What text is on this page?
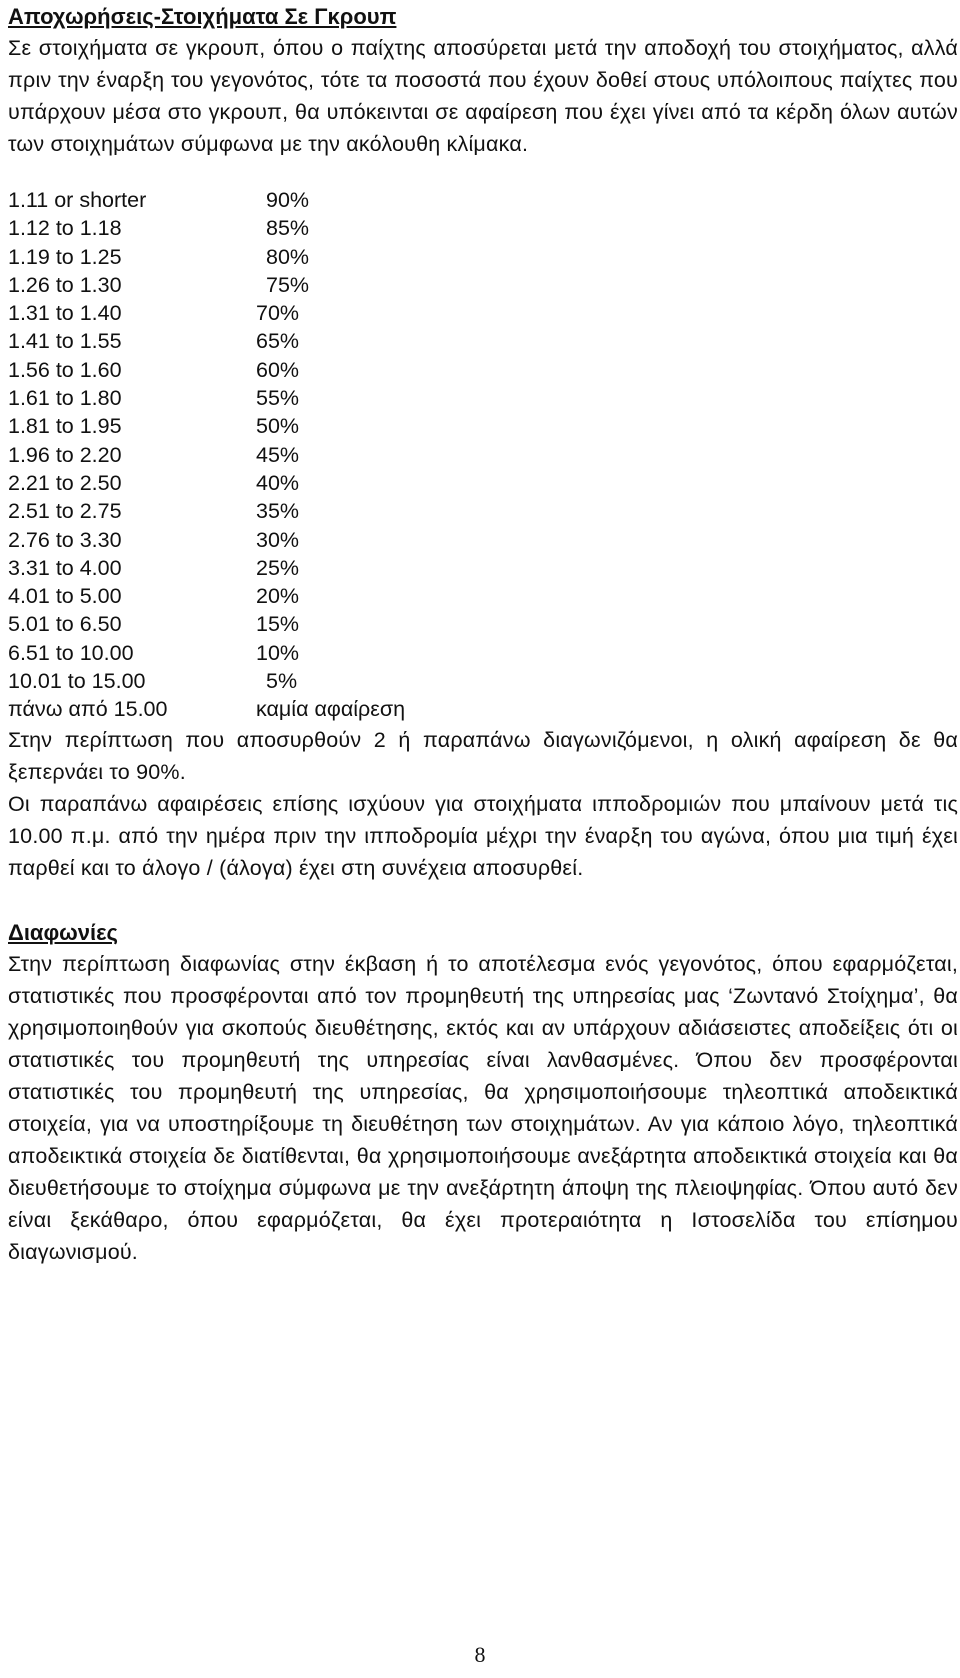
Αποχωρήσεις-Στοιχήματα Σε Γκρουπ

Σε στοιχήματα σε γκρουπ, όπου ο παίχτης αποσύρεται μετά την αποδοχή του στοιχήματος, αλλά πριν την έναρξη του γεγονότος, τότε τα ποσοστά που έχουν δοθεί στους υπόλοιπους παίχτες που υπάρχουν μέσα στο γκρουπ, θα υπόκεινται σε αφαίρεση που έχει γίνει από τα κέρδη όλων αυτών των στοιχημάτων σύμφωνα με την ακόλουθη κλίμακα.

1.11 or shorter	90%
1.12 to 1.18	85%
1.19 to 1.25	80%
1.26 to 1.30	75%
1.31 to 1.40	70%
1.41 to 1.55	65%
1.56 to 1.60	60%
1.61 to 1.80	55%
1.81 to 1.95	50%
1.96 to 2.20	45%
2.21 to 2.50	40%
2.51 to 2.75	35%
2.76 to 3.30	30%
3.31 to 4.00	25%
4.01 to 5.00	20%
5.01 to 6.50	15%
6.51 to 10.00	10%
10.01 to 15.00	5%
πάνω από 15.00	καμία αφαίρεση

Στην περίπτωση που αποσυρθούν 2 ή παραπάνω διαγωνιζόμενοι, η ολική αφαίρεση δε θα ξεπερνάει το 90%.

Οι παραπάνω αφαιρέσεις επίσης ισχύουν για στοιχήματα ιπποδρομιών που μπαίνουν μετά τις 10.00 π.μ. από την ημέρα πριν την ιπποδρομία μέχρι την έναρξη του αγώνα, όπου μια τιμή έχει παρθεί και το άλογο / (άλογα) έχει στη συνέχεια αποσυρθεί.

Διαφωνίες

Στην περίπτωση διαφωνίας στην έκβαση ή το αποτέλεσμα ενός γεγονότος, όπου εφαρμόζεται, στατιστικές που προσφέρονται από τον προμηθευτή της υπηρεσίας μας ‘Ζωντανό Στοίχημα’, θα χρησιμοποιηθούν για σκοπούς διευθέτησης, εκτός και αν υπάρχουν αδιάσειστες αποδείξεις ότι οι στατιστικές του προμηθευτή της υπηρεσίας είναι λανθασμένες. Όπου δεν προσφέρονται στατιστικές του προμηθευτή της υπηρεσίας, θα χρησιμοποιήσουμε τηλεοπτικά αποδεικτικά στοιχεία, για να υποστηρίξουμε τη διευθέτηση των στοιχημάτων. Αν για κάποιο λόγο, τηλεοπτικά αποδεικτικά στοιχεία δε διατίθενται, θα χρησιμοποιήσουμε ανεξάρτητα αποδεικτικά στοιχεία και θα διευθετήσουμε το στοίχημα σύμφωνα με την ανεξάρτητη άποψη της πλειοψηφίας. Όπου αυτό δεν είναι ξεκάθαρο, όπου εφαρμόζεται, θα έχει προτεραιότητα η Ιστοσελίδα του επίσημου διαγωνισμού.

8
